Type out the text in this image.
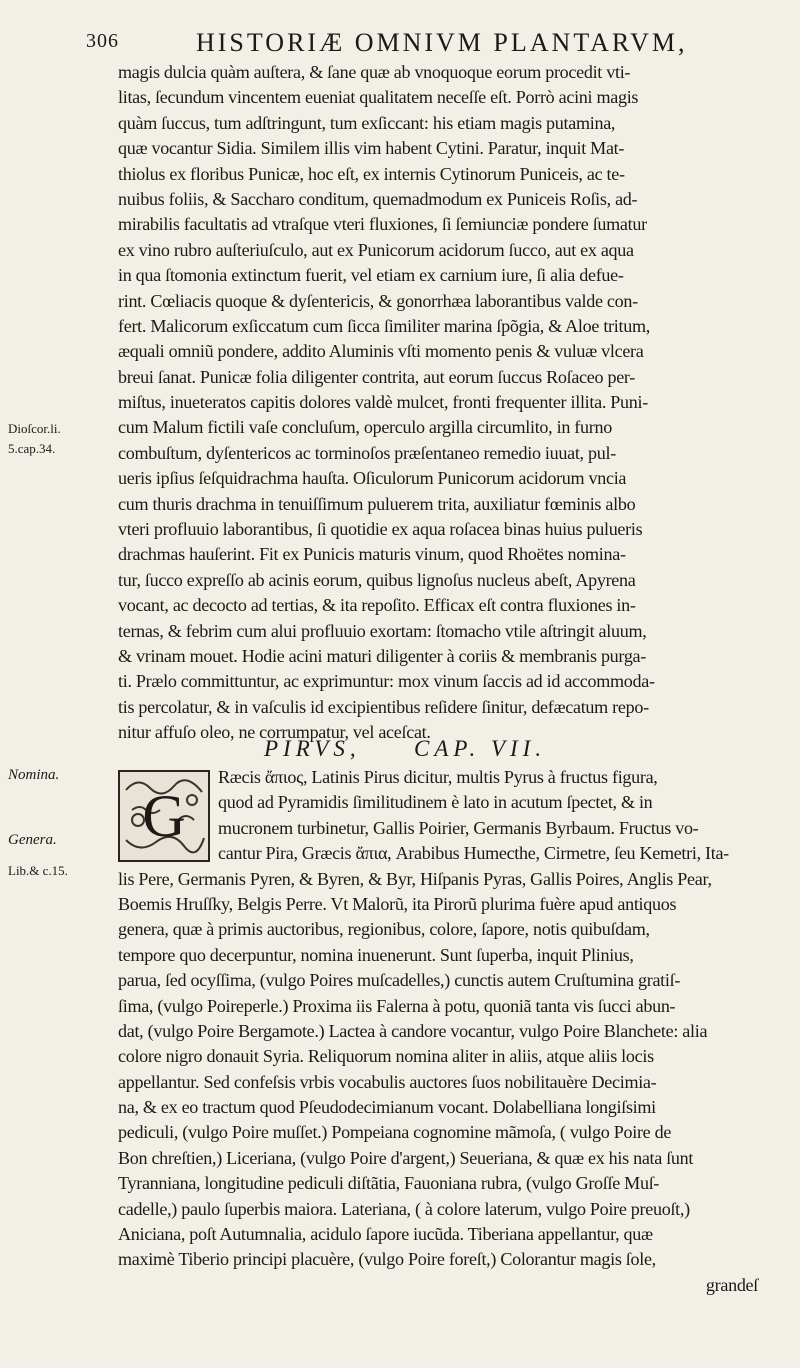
306	HISTORIÆ OMNIVM PLANTARVM,
magis dulcia quàm auſtera, & ſane quæ ab vnoquoque eorum procedit vti-
litas, ſecundum vincentem eueniat qualitatem neceſſe eſt. Porrò acini magis
quàm ſuccus, tum adſtringunt, tum exſiccant: his etiam magis putamina,
quæ vocantur Sidia. Similem illis vim habent Cytini. Paratur, inquit Mat-
thiolus ex floribus Punicæ, hoc eſt, ex internis Cytinorum Puniceis, ac te-
nuibus foliis, & Saccharo conditum, quemadmodum ex Puniceis Roſis, ad-
mirabilis facultatis ad vtraſque vteri fluxiones, ſi ſemiunciæ pondere ſumatur
ex vino rubro auſteriuſculo, aut ex Punicorum acidorum ſucco, aut ex aqua
in qua ſtomonia extinctum fuerit, vel etiam ex carnium iure, ſi alia defue-
rint. Cœliacis quoque & dyſentericis, & gonorrhæa laborantibus valde con-
fert. Malicorum exſiccatum cum ſicca ſimiliter marina ſpõgia, & Aloe tritum,
æquali omniũ pondere, addito Aluminis vſti momento penis & vuluæ vlcera
breui ſanat. Punicæ folia diligenter contrita, aut eorum ſuccus Roſaceo per-
miſtus, inueteratos capitis dolores valdè mulcet, fronti frequenter illita. Puni-
cum Malum fictili vaſe concluſum, operculo argilla circumlito, in furno
combuſtum, dyſentericos ac torminoſos præſentaneo remedio iuuat, pul-
ueris ipſius ſeſquidrachma hauſta. Oſiculorum Punicorum acidorum vncia
cum thuris drachma in tenuiſſimum puluerem trita, auxiliatur fœminis albo
vteri profluuio laborantibus, ſi quotidie ex aqua roſacea binas huius pulueris
drachmas hauſerint. Fit ex Punicis maturis vinum, quod Rhoëtes nomina-
tur, ſucco expreſſo ab acinis eorum, quibus lignoſus nucleus abeſt, Apyrena
vocant, ac decocto ad tertias, & ita repoſito. Efficax eſt contra fluxiones in-
ternas, & febrim cum alui profluuio exortam: ſtomacho vtile aſtringit aluum,
& vrinam mouet. Hodie acini maturi diligenter à coriis & membranis purga-
ti. Prælo committuntur, ac exprimuntur: mox vinum ſaccis ad id accommoda-
tis percolatur, & in vaſculis id excipientibus reſidere ſinitur, defæcatum repo-
nitur affuſo oleo, ne corrumpatur, vel aceſcat.
Dioſcor.li.
5.cap.34.
PIRVS, CAP. VII.
Nomina.
Genera.
Lib.& c.15.
G
Ræcis ἄπιος, Latinis Pirus dicitur, multis Pyrus à fructus figura,
quod ad Pyramidis ſimilitudinem è lato in acutum ſpectet, & in
mucronem turbinetur, Gallis Poirier, Germanis Byrbaum. Fructus vo-
cantur Pira, Græcis ἄπια, Arabibus Humecthe, Cirmetre, ſeu Kemetri, Ita-
lis Pere, Germanis Pyren, & Byren, & Byr, Hiſpanis Pyras, Gallis Poires, Anglis Pear,
Boemis Hruſſky, Belgis Perre. Vt Malorũ, ita Pirorũ plurima fuère apud antiquos
genera, quæ à primis auctoribus, regionibus, colore, ſapore, notis quibuſdam,
tempore quo decerpuntur, nomina inuenerunt. Sunt ſuperba, inquit Plinius,
parua, ſed ocyſſima, (vulgo Poires muſcadelles,) cunctis autem Cruſtumina gratiſ-
ſima, (vulgo Poireperle.) Proxima iis Falerna à potu, quoniã tanta vis ſucci abun-
dat, (vulgo Poire Bergamote.) Lactea à candore vocantur, vulgo Poire Blanchete: alia
colore nigro donauit Syria. Reliquorum nomina aliter in aliis, atque aliis locis
appellantur. Sed confeſsis vrbis vocabulis auctores ſuos nobilitauère Decimia-
na, & ex eo tractum quod Pſeudodecimianum vocant. Dolabelliana longiſsimi
pediculi, (vulgo Poire muſſet.) Pompeiana cognomine mãmoſa, ( vulgo Poire de
Bon chreſtien,) Liceriana, (vulgo Poire d'argent,) Seueriana, & quæ ex his nata ſunt
Tyranniana, longitudine pediculi diſtãtia, Fauoniana rubra, (vulgo Groſſe Muſ-
cadelle,) paulo ſuperbis maiora. Lateriana, ( à colore laterum, vulgo Poire preuoſt,)
Aniciana, poſt Autumnalia, acidulo ſapore iucũda. Tiberiana appellantur, quæ
maximè Tiberio principi placuère, (vulgo Poire foreſt,) Colorantur magis ſole,
grandeſ
